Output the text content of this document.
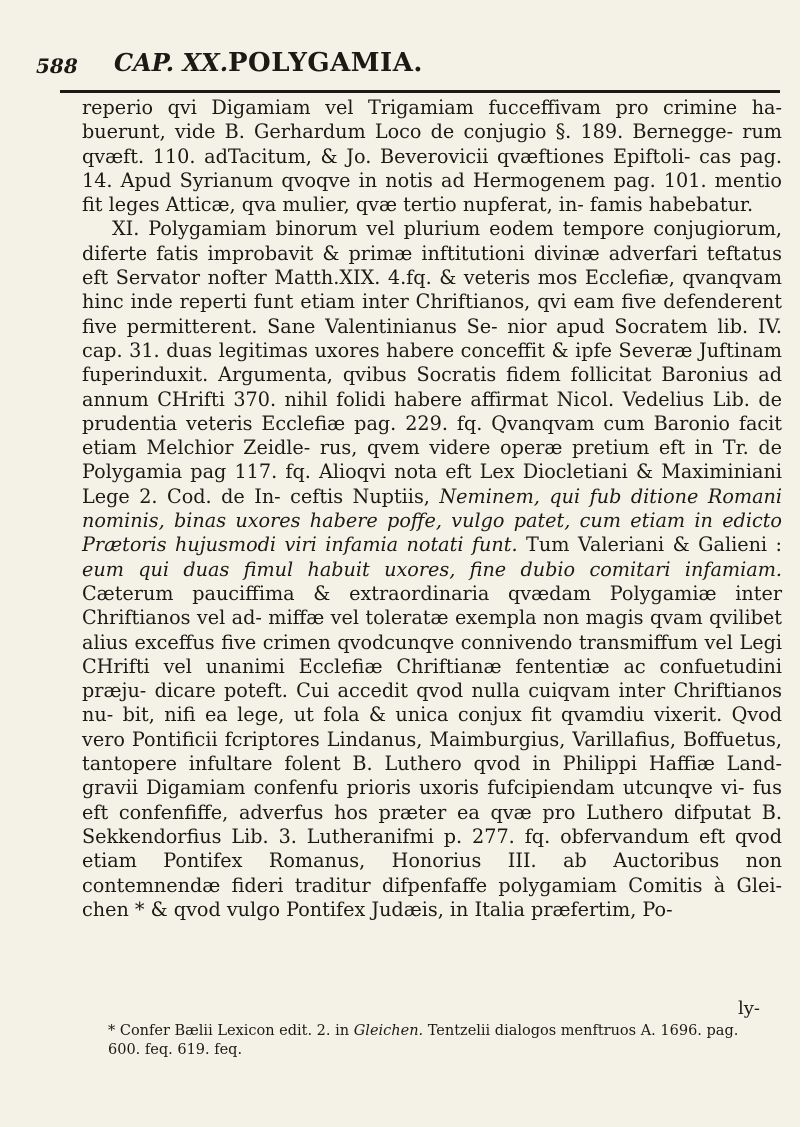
588 CAP. XX. POLYGAMIA.

reperio qvi Digamiam vel Trigamiam fucceffivam pro crimine ha- buerunt, vide B. Gerhardum Loco de conjugio §. 189. Bernegge- rum qvæft. 110. adTacitum, & Jo. Beverovicii qvæftiones Epiftoli- cas pag. 14. Apud Syrianum qvoqve in notis ad Hermogenem pag. 101. mentio fit leges Atticæ, qva mulier, qvæ tertio nupferat, in- famis habebatur.

XI. Polygamiam binorum vel plurium eodem tempore conjugiorum, diferte fatis improbavit & primæ inftitutioni divinæ adverfari teftatus eft Servator nofter Matth.XIX. 4.fq. & veteris mos Ecclefiæ, qvanqvam hinc inde reperti funt etiam inter Chriftianos, qvi eam five defenderent five permitterent. Sane Valentinianus Se- nior apud Socratem lib. IV. cap. 31. duas legitimas uxores habere conceffit & ipfe Severæ Juftinam fuperinduxit. Argumenta, qvibus Socratis fidem follicitat Baronius ad annum CHrifti 370. nihil folidi habere affirmat Nicol. Vedelius Lib. de prudentia veteris Ecclefiæ pag. 229. fq. Qvanqvam cum Baronio facit etiam Melchior Zeidle- rus, qvem videre operæ pretium eft in Tr. de Polygamia pag 117. fq. Alioqvi nota eft Lex Diocletiani & Maximiniani Lege 2. Cod. de In- ceftis Nuptiis, Neminem, qui fub ditione Romani nominis, binas uxores habere poffe, vulgo patet, cum etiam in edicto Prætoris hujusmodi viri infamia notati funt. Tum Valeriani & Galieni : eum qui duas fimul habuit uxores, fine dubio comitari infamiam. Cæterum pauciffima & extraordinaria qvædam Polygamiæ inter Chriftianos vel ad- miffæ vel toleratæ exempla non magis qvam qvilibet alius exceffus five crimen qvodcunqve connivendo transmiffum vel Legi CHrifti vel unanimi Ecclefiæ Chriftianæ fententiæ ac confuetudini præju- dicare poteft. Cui accedit qvod nulla cuiqvam inter Chriftianos nu- bit, nifi ea lege, ut fola & unica conjux fit qvamdiu vixerit. Qvod vero Pontificii fcriptores Lindanus, Maimburgius, Varillafius, Boffuetus, tantopere infultare folent B. Luthero qvod in Philippi Haffiæ Land- gravii Digamiam confenfu prioris uxoris fufcipiendam utcunqve vi- fus eft confenfiffe, adverfus hos præter ea qvæ pro Luthero difputat B. Sekkendorfius Lib. 3. Lutheranifmi p. 277. fq. obfervandum eft qvod etiam Pontifex Romanus, Honorius III. ab Auctoribus non contemnendæ fideri traditur difpenfaffe polygamiam Comitis à Glei- chen * & qvod vulgo Pontifex Judæis, in Italia præfertim, Po-

ly-
* Confer Bælii Lexicon edit. 2. in Gleichen. Tentzelii dialogos menftruos A. 1696. pag. 600. feq. 619. feq.
